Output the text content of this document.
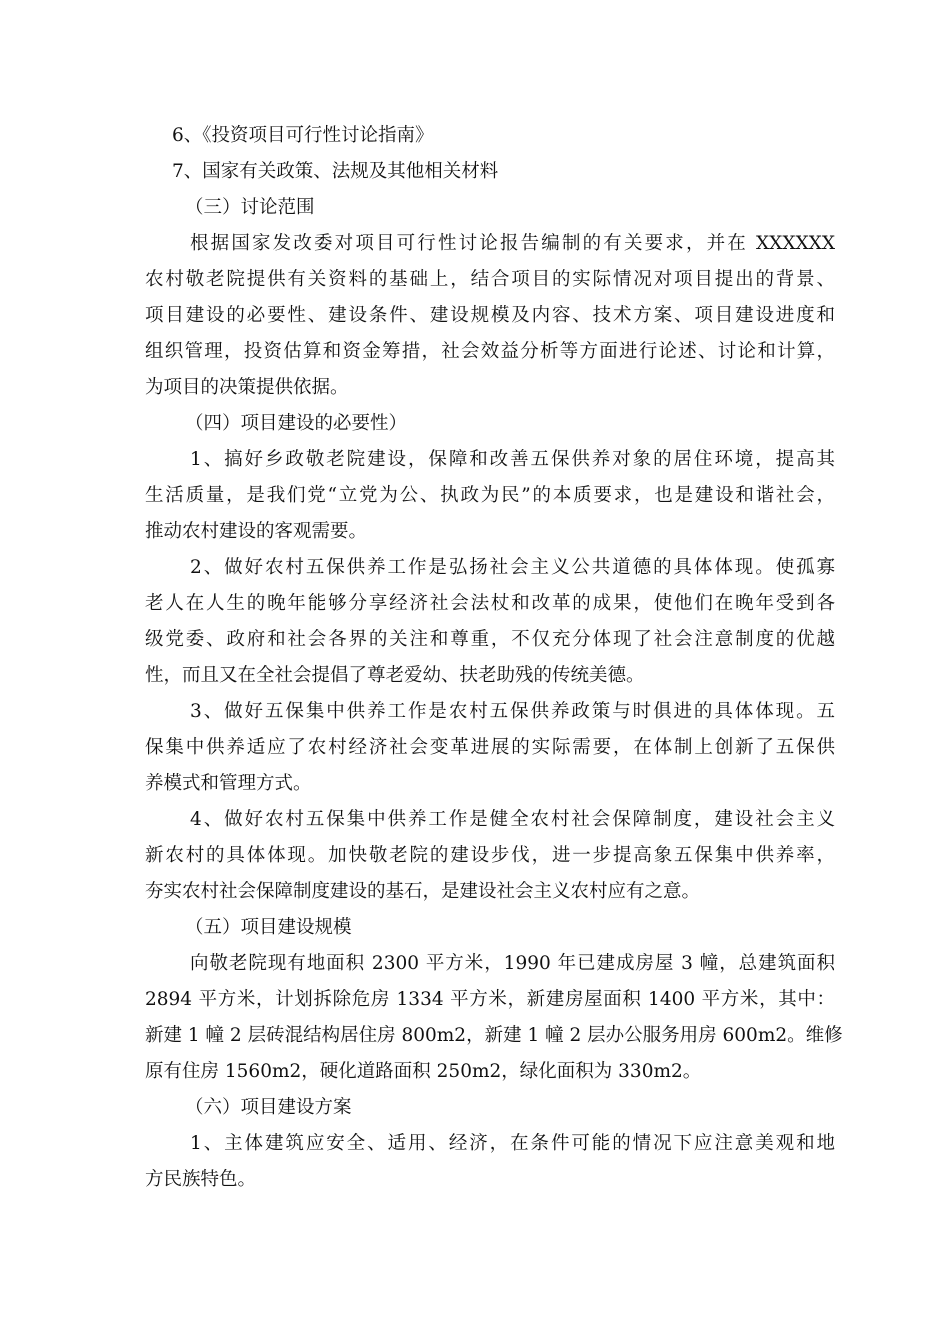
6、《投资项目可行性讨论指南》
7、国家有关政策、法规及其他相关材料
（三）讨论范围
根据国家发改委对项目可行性讨论报告编制的有关要求，并在 XXXXXX
农村敬老院提供有关资料的基础上，结合项目的实际情况对项目提出的背景、
项目建设的必要性、建设条件、建设规模及内容、技术方案、项目建设进度和
组织管理，投资估算和资金筹措，社会效益分析等方面进行论述、讨论和计算，
为项目的决策提供依据。
（四）项目建设的必要性）
1、搞好乡政敬老院建设，保障和改善五保供养对象的居住环境，提高其
生活质量，是我们党“立党为公、执政为民”的本质要求，也是建设和谐社会，
推动农村建设的客观需要。
2、做好农村五保供养工作是弘扬社会主义公共道德的具体体现。使孤寡
老人在人生的晚年能够分享经济社会法杖和改革的成果，使他们在晚年受到各
级党委、政府和社会各界的关注和尊重，不仅充分体现了社会注意制度的优越
性，而且又在全社会提倡了尊老爱幼、扶老助残的传统美德。
3、做好五保集中供养工作是农村五保供养政策与时俱进的具体体现。五
保集中供养适应了农村经济社会变革进展的实际需要，在体制上创新了五保供
养模式和管理方式。
4、做好农村五保集中供养工作是健全农村社会保障制度，建设社会主义
新农村的具体体现。加快敬老院的建设步伐，进一步提高象五保集中供养率，
夯实农村社会保障制度建设的基石，是建设社会主义农村应有之意。
（五）项目建设规模
向敬老院现有地面积 2300 平方米，1990 年已建成房屋 3 幢，总建筑面积
2894 平方米，计划拆除危房 1334 平方米，新建房屋面积 1400 平方米，其中：
新建 1 幢 2 层砖混结构居住房 800m2，新建 1 幢 2 层办公服务用房 600m2。维修
原有住房 1560m2，硬化道路面积 250m2，绿化面积为 330m2。
（六）项目建设方案
1、主体建筑应安全、适用、经济，在条件可能的情况下应注意美观和地
方民族特色。
